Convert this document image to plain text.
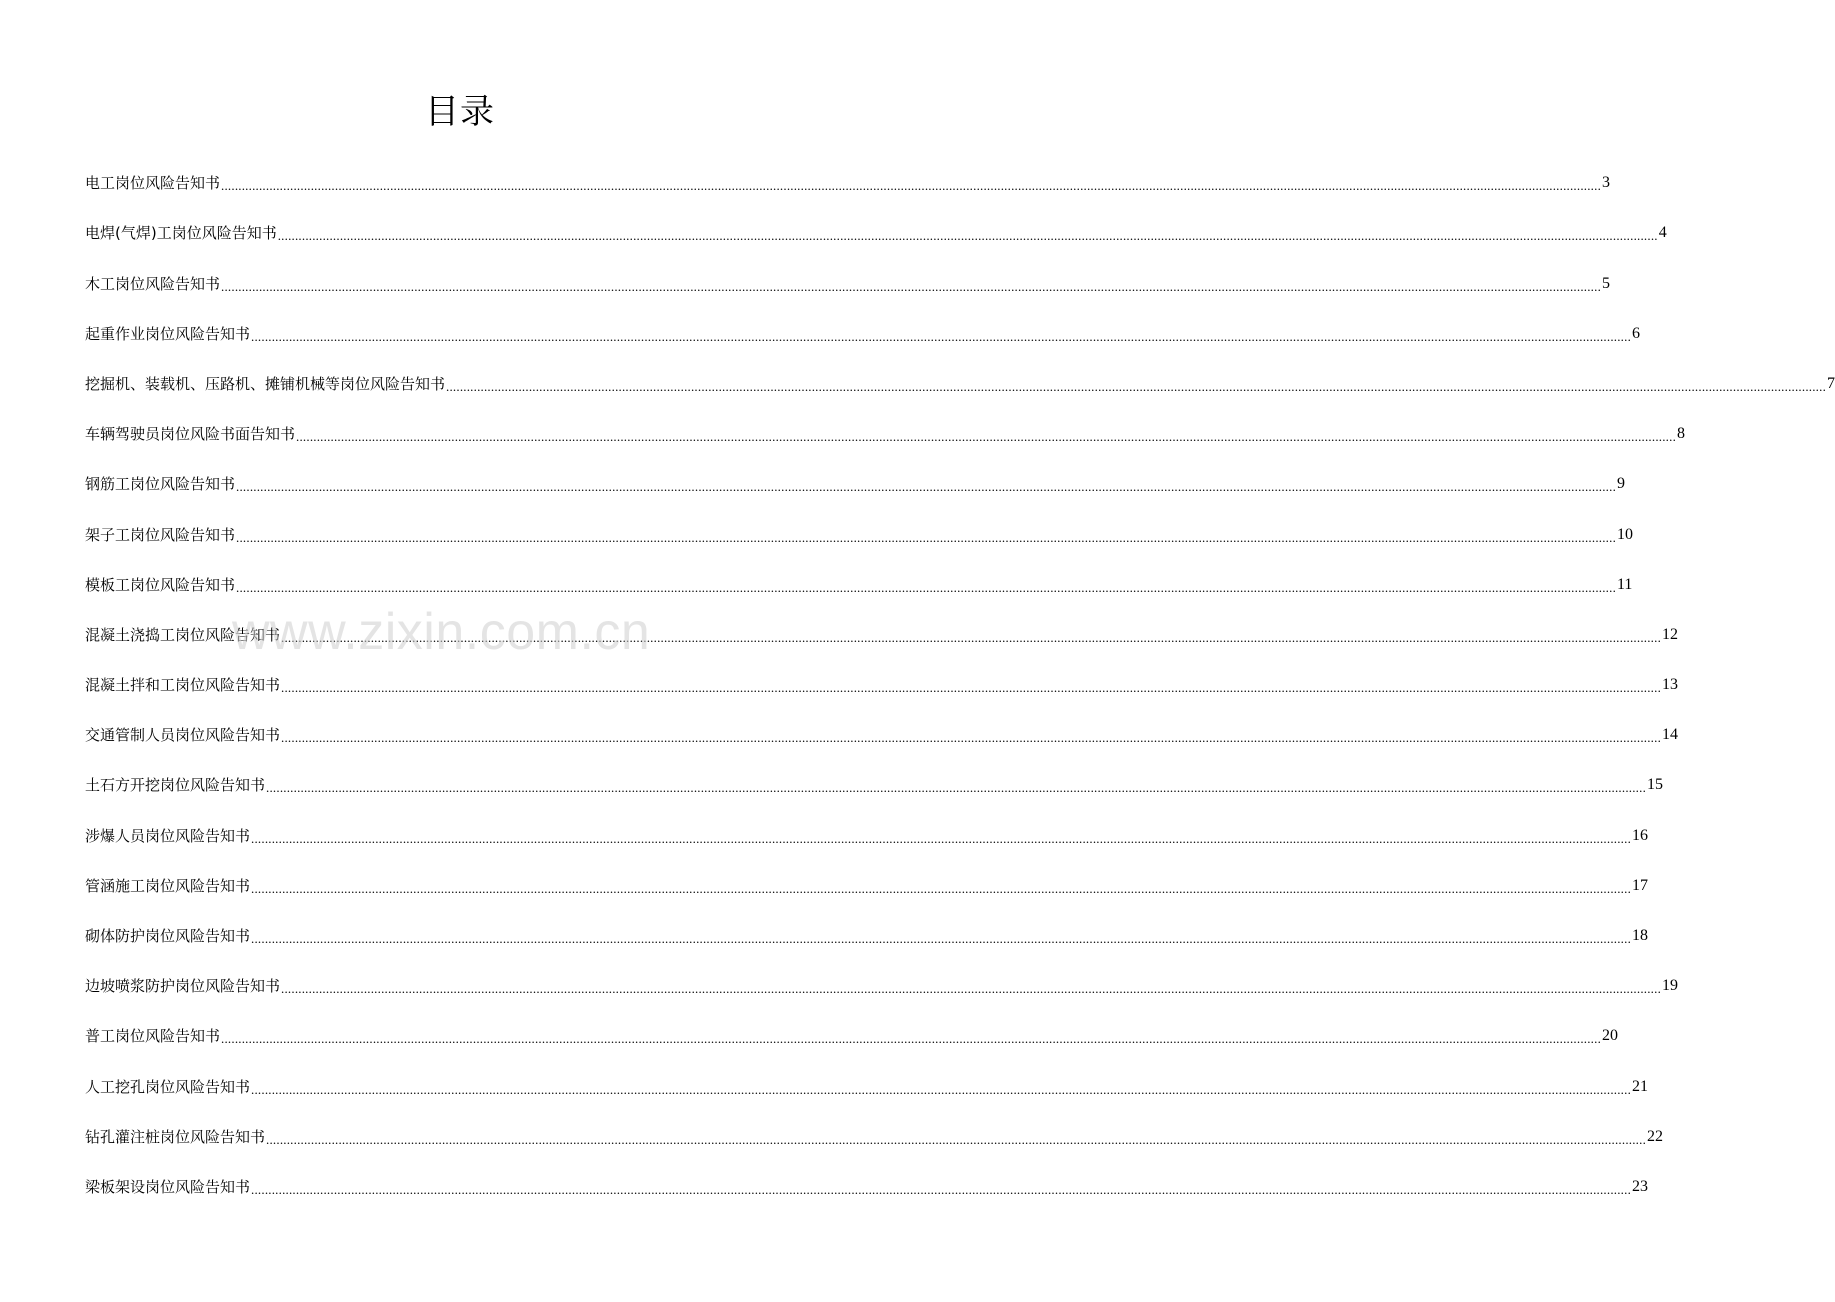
目录
电工岗位风险告知书 ................................................................................................................................................................................................................................................................................................................................................................................................................ 3
电焊(气焊)工岗位风险告知书 ................................................................................................................................................................................................................................................................................................................................................................................................................ 4
木工岗位风险告知书 ................................................................................................................................................................................................................................................................................................................................................................................................................ 5
起重作业岗位风险告知书 ................................................................................................................................................................................................................................................................................................................................................................................................................ 6
挖掘机、装载机、压路机、摊铺机械等岗位风险告知书 ................................................................................................................................................................................................................................................................................................................................................................................................................ 7
车辆驾驶员岗位风险书面告知书 ................................................................................................................................................................................................................................................................................................................................................................................................................ 8
钢筋工岗位风险告知书 ................................................................................................................................................................................................................................................................................................................................................................................................................ 9
架子工岗位风险告知书 ................................................................................................................................................................................................................................................................................................................................................................................................................ 10
模板工岗位风险告知书 ................................................................................................................................................................................................................................................................................................................................................................................................................ 11
混凝土浇捣工岗位风险告知书 ................................................................................................................................................................................................................................................................................................................................................................................................................ 12
混凝土拌和工岗位风险告知书 ................................................................................................................................................................................................................................................................................................................................................................................................................ 13
交通管制人员岗位风险告知书 ................................................................................................................................................................................................................................................................................................................................................................................................................ 14
土石方开挖岗位风险告知书 ................................................................................................................................................................................................................................................................................................................................................................................................................ 15
涉爆人员岗位风险告知书 ................................................................................................................................................................................................................................................................................................................................................................................................................ 16
管涵施工岗位风险告知书 ................................................................................................................................................................................................................................................................................................................................................................................................................ 17
砌体防护岗位风险告知书 ................................................................................................................................................................................................................................................................................................................................................................................................................ 18
边坡喷浆防护岗位风险告知书 ................................................................................................................................................................................................................................................................................................................................................................................................................ 19
普工岗位风险告知书 ................................................................................................................................................................................................................................................................................................................................................................................................................ 20
人工挖孔岗位风险告知书 ................................................................................................................................................................................................................................................................................................................................................................................................................ 21
钻孔灌注桩岗位风险告知书 ................................................................................................................................................................................................................................................................................................................................................................................................................ 22
梁板架设岗位风险告知书 ................................................................................................................................................................................................................................................................................................................................................................................................................ 23
www.zixin.com.cn
